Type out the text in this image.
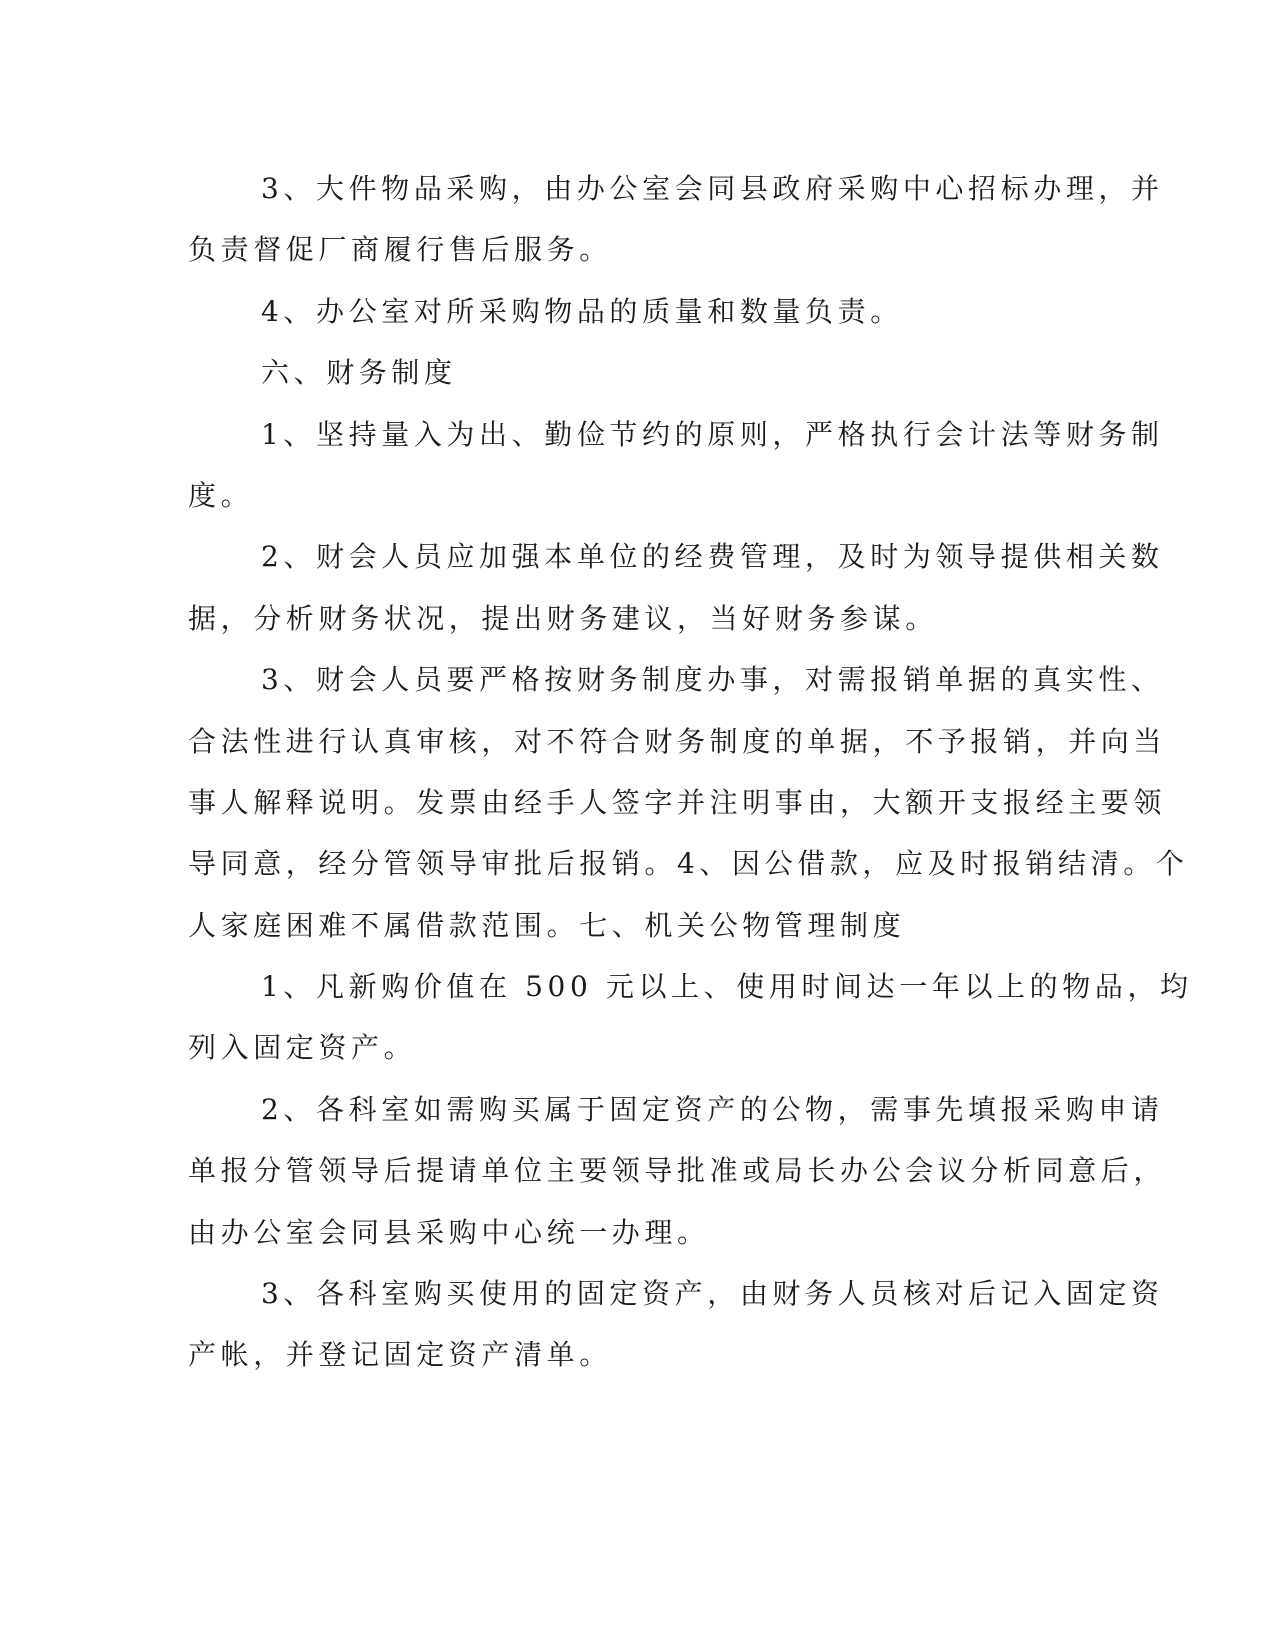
3、大件物品采购，由办公室会同县政府采购中心招标办理，并
负责督促厂商履行售后服务。
4、办公室对所采购物品的质量和数量负责。
六、财务制度
1、坚持量入为出、勤俭节约的原则，严格执行会计法等财务制
度。
2、财会人员应加强本单位的经费管理，及时为领导提供相关数
据，分析财务状况，提出财务建议，当好财务参谋。
3、财会人员要严格按财务制度办事，对需报销单据的真实性、
合法性进行认真审核，对不符合财务制度的单据，不予报销，并向当
事人解释说明。发票由经手人签字并注明事由，大额开支报经主要领
导同意，经分管领导审批后报销。4、因公借款，应及时报销结清。个
人家庭困难不属借款范围。七、机关公物管理制度
1、凡新购价值在 500 元以上、使用时间达一年以上的物品，均
列入固定资产。
2、各科室如需购买属于固定资产的公物，需事先填报采购申请
单报分管领导后提请单位主要领导批准或局长办公会议分析同意后，
由办公室会同县采购中心统一办理。
3、各科室购买使用的固定资产，由财务人员核对后记入固定资
产帐，并登记固定资产清单。
